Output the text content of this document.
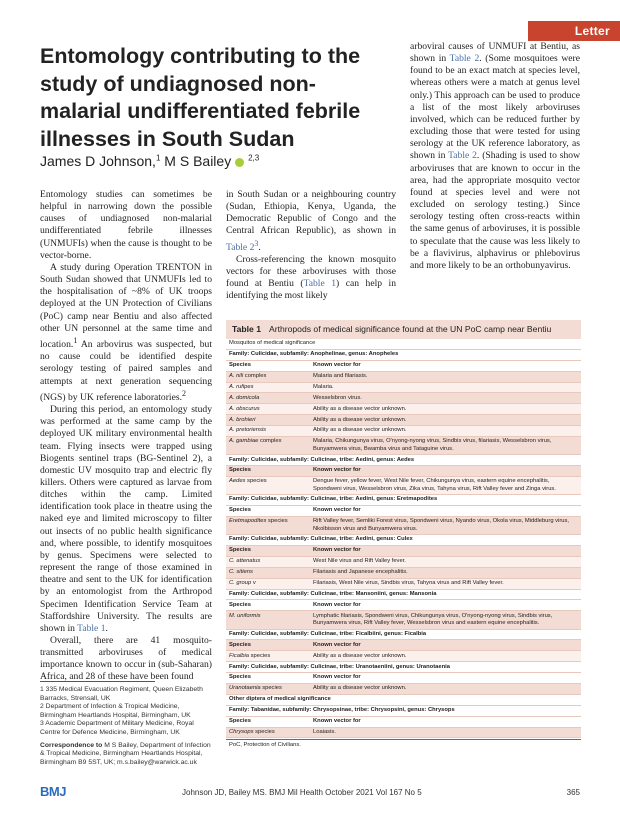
Letter
Entomology contributing to the study of undiagnosed non-malarial undifferentiated febrile illnesses in South Sudan
James D Johnson,$^1$ M S Bailey $^{2,3}$

Entomology studies can sometimes be helpful in narrowing down the possible causes of undiagnosed non-malarial undifferentiated febrile illnesses (UNMUFIs) when the cause is thought to be vector-borne.

A study during Operation TRENTON in South Sudan showed that UNMUFIs led to the hospitalisation of ~8% of UK troops deployed at the UN Protection of Civilians (PoC) camp near Bentiu and also affected other UN personnel at the same time and location.$^1$ An arbovirus was suspected, but no cause could be identified despite serology testing of paired samples and attempts at next generation sequencing (NGS) by UK reference laboratories.$^2$

During this period, an entomology study was performed at the same camp by the deployed UK military environmental health team. Flying insects were trapped using Biogents sentinel traps (BG-Sentinel 2), a domestic UV mosquito trap and electric fly killers. Others were captured as larvae from ditches within the camp. Limited identification took place in theatre using the naked eye and limited microscopy to filter out insects of no public health significance and, where possible, to identify mosquitoes by genus. Specimens were selected to represent the range of those examined in theatre and sent to the UK for identification by an entomologist from the Arthropod Specimen Identification Service Team at Staffordshire University. The results are shown in Table 1.

Overall, there are 41 mosquito-transmitted arboviruses of medical importance known to occur in (sub-Saharan) Africa, and 28 of these have been found

in South Sudan or a neighbouring country (Sudan, Ethiopia, Kenya, Uganda, the Democratic Republic of Congo and the Central African Republic), as shown in Table $2^3$.

Cross-referencing the known mosquito vectors for these arboviruses with those found at Bentiu (Table 1) can help in identifying the most likely

arboviral causes of UNMUFI at Bentiu, as shown in Table 2. (Some mosquitoes were found to be an exact match at species level, whereas others were a match at genus level only.) This approach can be used to produce a list of the most likely arboviruses involved, which can be reduced further by excluding those that were tested for using serology at the UK reference laboratory, as shown in Table 2. (Shading is used to show arboviruses that are known to occur in the area, had the appropriate mosquito vector found at species level and were not excluded on serology testing.) Since serology testing often cross-reacts within the same genus of arboviruses, it is possible to speculate that the cause was less likely to be a flavivirus, alphavirus or phlebovirus and more likely to be an orthobunyavirus.

1 335 Medical Evacuation Regiment, Queen Elizabeth Barracks, Strensall, UK

2 Department of Infection & Tropical Medicine, Birmingham Heartlands Hospital, Birmingham, UK

3 Academic Department of Military Medicine, Royal Centre for Defence Medicine, Birmingham, UK

Correspondence to M S Bailey, Department of Infection & Tropical Medicine, Birmingham Heartlands Hospital, Birmingham B9 5ST, UK; m.s.bailey@warwick.ac.uk

Table 1 Arthropods of medical significance found at the UN PoC camp near Bentiu
Mosquitos of medical significance
Family: Culicidae, subfamily: Anophelinae, genus: Anopheles
Species	Known vector for
A. nili complex	Malaria and filariasis.
A. rufipes	Malaria.
A. domicola	Wesselsbron virus.
A. obscurus	Ability as a disease vector unknown.
A. brohieri	Ability as a disease vector unknown.
A. pretoriensis	Ability as a disease vector unknown.
A. gambiae complex	Malaria, Chikungunya virus, O'nyong-nyong virus, Sindbis virus, filariasis, Wesselsbron virus, Bunyamwera virus, Bwamba virus and Tataguine virus.
Family: Culicidae, subfamily: Culicinae, tribe: Aedini, genus: Aedes
Species	Known vector for
Aedes species	Dengue fever, yellow fever, West Nile fever, Chikungunya virus, eastern equine encephalitis, Spondweni virus, Wesselsbron virus, Zika virus, Tahyna virus, Rift Valley fever and Zinga virus.
Family: Culicidae, subfamily: Culicinae, tribe: Aedini, genus: Eretmapodites
Species	Known vector for
Eretmapodites species	Rift Valley fever, Semliki Forest virus, Spondweni virus, Nyando virus, Okola virus, Middleburg virus, Nkolbisson virus and Bunyamwera virus.
Family: Culicidae, subfamily: Culicinae, tribe: Aedini, genus: Culex
Species	Known vector for
C. attenatus	West Nile virus and Rift Valley fever.
C. sitiens	Filariasis and Japanese encephalitis.
C. group v	Filariasis, West Nile virus, Sindbis virus, Tahyna virus and Rift Valley fever.
Family: Culicidae, subfamily: Culicinae, tribe: Mansoniini, genus: Mansonia
Species	Known vector for
M. uniformis	Lymphatic filariasis, Spondweni virus, Chikungunya virus, O'nyong-nyong virus, Sindbis virus, Bunyamwera virus, Rift Valley fever, Wesselsbron virus and eastern equine encephalitis.
Family: Culicidae, subfamily: Culicinae, tribe: Ficalbiini, genus: Ficalbia
Species	Known vector for
Ficalbia species	Ability as a disease vector unknown.
Family: Culicidae, subfamily: Culicinae, tribe: Uranotaeniini, genus: Uranotaenia
Species	Known vector for
Uranotaenia species	Ability as a disease vector unknown.
Other diptera of medical significance
Family: Tabanidae, subfamily: Chrysopsinae, tribe: Chrysopsini, genus: Chrysops
Species	Known vector for
Chrysops species	Loaiasis.
PoC, Protection of Civilians.
BMJ	Johnson JD, Bailey MS. BMJ Mil Health October 2021 Vol 167 No 5	365
